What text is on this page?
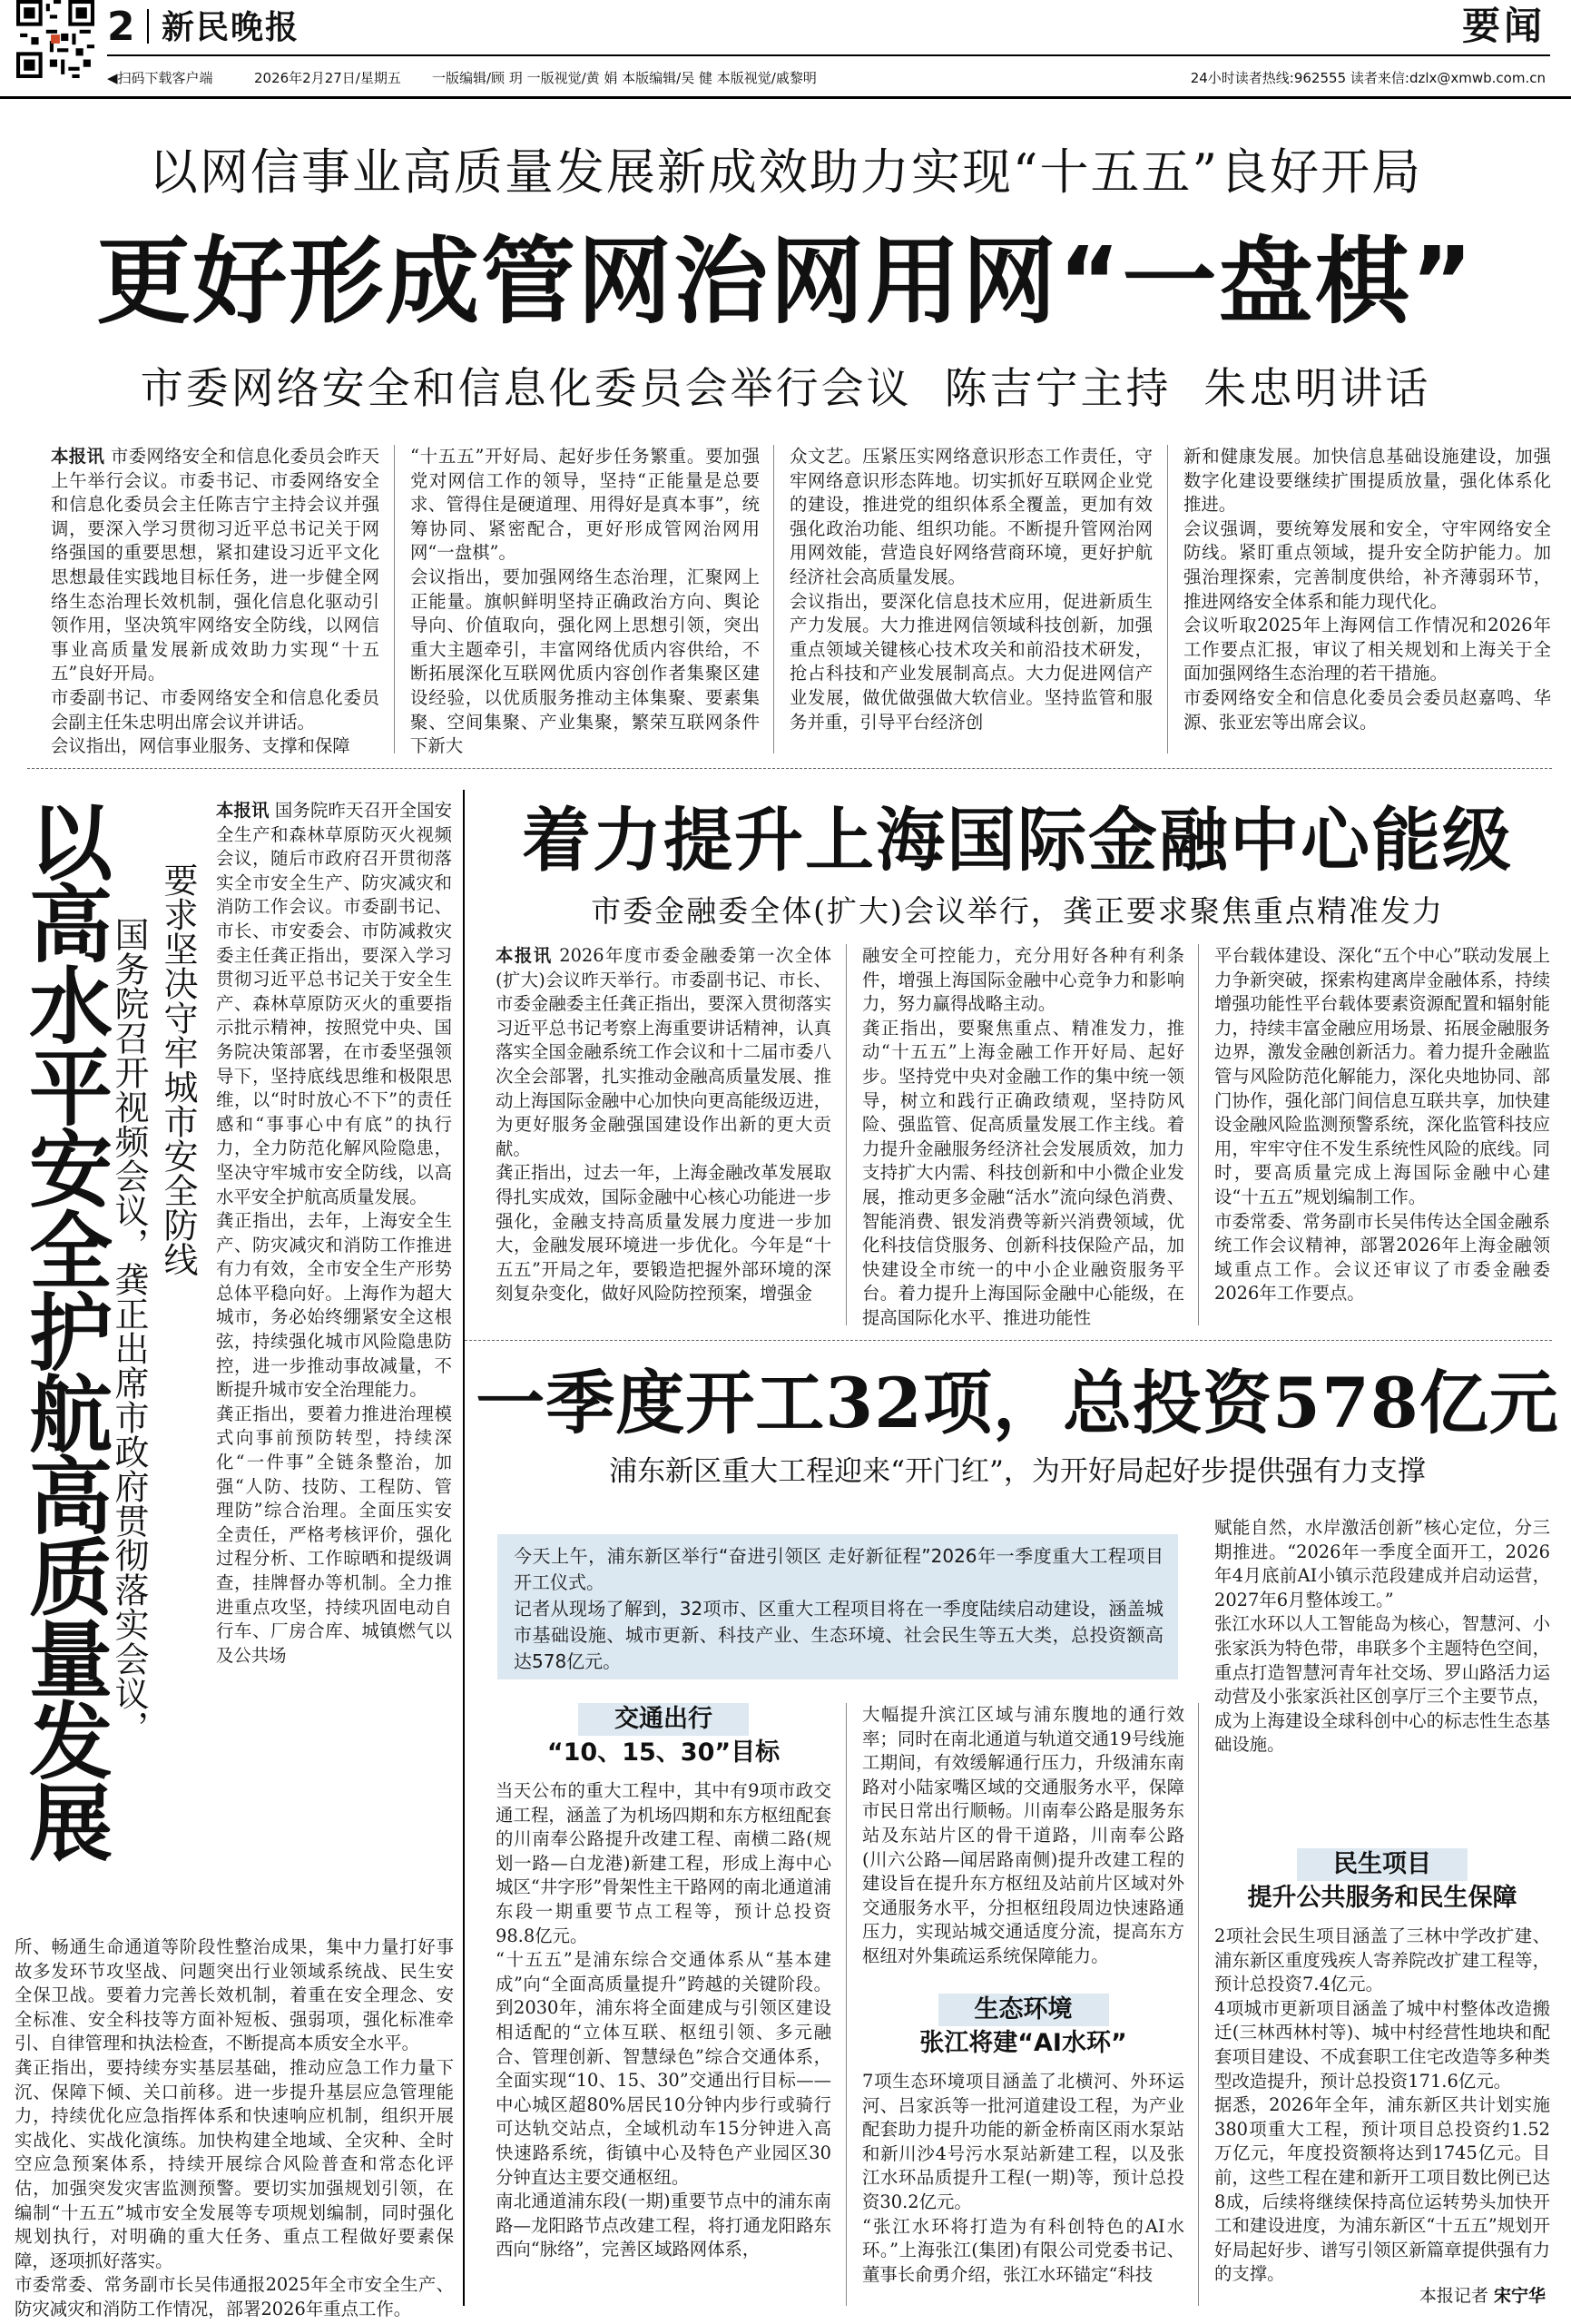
2 新民晚报	要闻
◀扫码下载客户端	2026年2月27日/星期五 一版编辑/顾 玥 一版视觉/黄 娟 本版编辑/吴 健 本版视觉/戚黎明	24小时读者热线:962555 读者来信:dzlx@xmwb.com.cn
以网信事业高质量发展新成效助力实现“十五五”良好开局
更好形成管网治网用网“一盘棋”
市委网络安全和信息化委员会举行会议  陈吉宁主持  朱忠明讲话

本报讯 市委网络安全和信息化委员会昨天上午举行会议。市委书记、市委网络安全和信息化委员会主任陈吉宁主持会议并强调，要深入学习贯彻习近平总书记关于网络强国的重要思想，紧扣建设习近平文化思想最佳实践地目标任务，进一步健全网络生态治理长效机制，强化信息化驱动引领作用，坚决筑牢网络安全防线，以网信事业高质量发展新成效助力实现“十五五”良好开局。
市委副书记、市委网络安全和信息化委员会副主任朱忠明出席会议并讲话。
会议指出，网信事业服务、支撑和保障

“十五五”开好局、起好步任务繁重。要加强党对网信工作的领导，坚持“正能量是总要求、管得住是硬道理、用得好是真本事”，统筹协同、紧密配合，更好形成管网治网用网“一盘棋”。
会议指出，要加强网络生态治理，汇聚网上正能量。旗帜鲜明坚持正确政治方向、舆论导向、价值取向，强化网上思想引领，突出重大主题牵引，丰富网络优质内容供给，不断拓展深化互联网优质内容创作者集聚区建设经验，以优质服务推动主体集聚、要素集聚、空间集聚、产业集聚，繁荣互联网条件下新大
众文艺。压紧压实网络意识形态工作责任，守牢网络意识形态阵地。切实抓好互联网企业党的建设，推进党的组织体系全覆盖，更加有效强化政治功能、组织功能。不断提升管网治网用网效能，营造良好网络营商环境，更好护航经济社会高质量发展。
会议指出，要深化信息技术应用，促进新质生产力发展。大力推进网信领域科技创新，加强重点领域关键核心技术攻关和前沿技术研发，抢占科技和产业发展制高点。大力促进网信产业发展，做优做强做大软信业。坚持监管和服务并重，引导平台经济创
新和健康发展。加快信息基础设施建设，加强数字化建设要继续扩围提质放量，强化体系化推进。
会议强调，要统筹发展和安全，守牢网络安全防线。紧盯重点领域，提升安全防护能力。加强治理探索，完善制度供给，补齐薄弱环节，推进网络安全体系和能力现代化。
会议听取2025年上海网信工作情况和2026年工作要点汇报，审议了相关规划和上海关于全面加强网络生态治理的若干措施。
市委网络安全和信息化委员会委员赵嘉鸣、华源、张亚宏等出席会议。
以高水平安全护航高质量发展 要求坚决守牢城市安全防线
国务院召开视频会议，龚正出席市政府贯彻落实会议，

本报讯 国务院昨天召开全国安全生产和森林草原防灭火视频会议，随后市政府召开贯彻落实全市安全生产、防灾减灾和消防工作会议。市委副书记、市长、市安委会、市防减救灾委主任龚正指出，要深入学习贯彻习近平总书记关于安全生产、森林草原防灭火的重要指示批示精神，按照党中央、国务院决策部署，在市委坚强领导下，坚持底线思维和极限思维，以“时时放心不下”的责任感和“事事心中有底”的执行力，全力防范化解风险隐患，坚决守牢城市安全防线，以高水平安全护航高质量发展。
龚正指出，去年，上海安全生产、防灾减灾和消防工作推进有力有效，全市安全生产形势总体平稳向好。上海作为超大城市，务必始终绷紧安全这根弦，持续强化城市风险隐患防控，进一步推动事故减量，不断提升城市安全治理能力。
龚正指出，要着力推进治理模式向事前预防转型，持续深化“一件事”全链条整治，加强“人防、技防、工程防、管理防”综合治理。全面压实安全责任，严格考核评价，强化过程分析、工作晾晒和提级调查，挂牌督办等机制。全力推进重点攻坚，持续巩固电动自行车、厂房合库、城镇燃气以及公共场

所、畅通生命通道等阶段性整治成果，集中力量打好事故多发环节攻坚战、问题突出行业领域系统战、民生安全保卫战。要着力完善长效机制，着重在安全理念、安全标准、安全科技等方面补短板、强弱项，强化标准牵引、自律管理和执法检查，不断提高本质安全水平。
龚正指出，要持续夯实基层基础，推动应急工作力量下沉、保障下倾、关口前移。进一步提升基层应急管理能力，持续优化应急指挥体系和快速响应机制，组织开展实战化、实战化演练。加快构建全地域、全灾种、全时空应急预案体系，持续开展综合风险普查和常态化评估，加强突发灾害监测预警。要切实加强规划引领，在编制“十五五”城市安全发展等专项规划编制，同时强化规划执行，对明确的重大任务、重点工程做好要素保障，逐项抓好落实。
市委常委、常务副市长吴伟通报2025年全市安全生产、防灾减灾和消防工作情况，部署2026年重点工作。
着力提升上海国际金融中心能级
市委金融委全体(扩大)会议举行，龚正要求聚焦重点精准发力

本报讯 2026年度市委金融委第一次全体(扩大)会议昨天举行。市委副书记、市长、市委金融委主任龚正指出，要深入贯彻落实习近平总书记考察上海重要讲话精神，认真落实全国金融系统工作会议和十二届市委八次全会部署，扎实推动金融高质量发展、推动上海国际金融中心加快向更高能级迈进，为更好服务金融强国建设作出新的更大贡献。
龚正指出，过去一年，上海金融改革发展取得扎实成效，国际金融中心核心功能进一步强化，金融支持高质量发展力度进一步加大，金融发展环境进一步优化。今年是“十五五”开局之年，要锻造把握外部环境的深刻复杂变化，做好风险防控预案，增强金

融安全可控能力，充分用好各种有利条件，增强上海国际金融中心竞争力和影响力，努力赢得战略主动。
龚正指出，要聚焦重点、精准发力，推动“十五五”上海金融工作开好局、起好步。坚持党中央对金融工作的集中统一领导，树立和践行正确政绩观，坚持防风险、强监管、促高质量发展工作主线。着力提升金融服务经济社会发展质效，加力支持扩大内需、科技创新和中小微企业发展，推动更多金融“活水”流向绿色消费、智能消费、银发消费等新兴消费领域，优化科技信贷服务、创新科技保险产品，加快建设全市统一的中小企业融资服务平台。着力提升上海国际金融中心能级，在提高国际化水平、推进功能性
平台载体建设、深化“五个中心”联动发展上力争新突破，探索构建离岸金融体系，持续增强功能性平台载体要素资源配置和辐射能力，持续丰富金融应用场景、拓展金融服务边界，激发金融创新活力。着力提升金融监管与风险防范化解能力，深化央地协同、部门协作，强化部门间信息互联共享，加快建设金融风险监测预警系统，深化监管科技应用，牢牢守住不发生系统性风险的底线。同时，要高质量完成上海国际金融中心建设“十五五”规划编制工作。
市委常委、常务副市长吴伟传达全国金融系统工作会议精神，部署2026年上海金融领域重点工作。会议还审议了市委金融委2026年工作要点。
一季度开工32项，总投资578亿元
浦东新区重大工程迎来“开门红”，为开好局起好步提供强有力支撑
今天上午，浦东新区举行“奋进引领区 走好新征程”2026年一季度重大工程项目开工仪式。
记者从现场了解到，32项市、区重大工程项目将在一季度陆续启动建设，涵盖城市基础设施、城市更新、科技产业、生态环境、社会民生等五大类，总投资额高达578亿元。
赋能自然，水岸激活创新”核心定位，分三期推进。“2026年一季度全面开工，2026年4月底前AI小镇示范段建成并启动运营，2027年6月整体竣工。”
张江水环以人工智能岛为核心，智慧河、小张家浜为特色带，串联多个主题特色空间，重点打造智慧河青年社交场、罗山路活力运动营及小张家浜社区创享厅三个主要节点，成为上海建设全球科创中心的标志性生态基础设施。
交通出行
“10、15、30”目标
当天公布的重大工程中，其中有9项市政交通工程，涵盖了为机场四期和东方枢纽配套的川南奉公路提升改建工程、南横二路(规划一路—白龙港)新建工程，形成上海中心城区“井字形”骨架性主干路网的南北通道浦东段一期重要节点工程等，预计总投资98.8亿元。
“十五五”是浦东综合交通体系从“基本建成”向“全面高质量提升”跨越的关键阶段。到2030年，浦东将全面建成与引领区建设相适配的“立体互联、枢纽引领、多元融合、管理创新、智慧绿色”综合交通体系，全面实现“10、15、30”交通出行目标——中心城区超80%居民10分钟内步行或骑行可达轨交站点，全域机动车15分钟进入高快速路系统，街镇中心及特色产业园区30分钟直达主要交通枢纽。
南北通道浦东段(一期)重要节点中的浦东南路—龙阳路节点改建工程，将打通龙阳路东西向“脉络”，完善区域路网体系，
大幅提升滨江区域与浦东腹地的通行效率；同时在南北通道与轨道交通19号线施工期间，有效缓解通行压力，升级浦东南路对小陆家嘴区域的交通服务水平，保障市民日常出行顺畅。川南奉公路是服务东站及东站片区的骨干道路，川南奉公路(川六公路—闻居路南侧)提升改建工程的建设旨在提升东方枢纽及站前片区域对外交通服务水平，分担枢纽段周边快速路通压力，实现站城交通适度分流，提高东方枢纽对外集疏运系统保障能力。
生态环境
张江将建“AI水环”
7项生态环境项目涵盖了北横河、外环运河、吕家浜等一批河道建设工程，为产业配套助力提升功能的新金桥南区雨水泵站和新川沙4号污水泵站新建工程，以及张江水环品质提升工程(一期)等，预计总投资30.2亿元。
“张江水环将打造为有科创特色的AI水环。”上海张江(集团)有限公司党委书记、董事长俞勇介绍，张江水环锚定“科技
民生项目
提升公共服务和民生保障
2项社会民生项目涵盖了三林中学改扩建、浦东新区重度残疾人寄养院改扩建工程等，预计总投资7.4亿元。
4项城市更新项目涵盖了城中村整体改造搬迁(三林西林村等)、城中村经营性地块和配套项目建设、不成套职工住宅改造等多种类型改造提升，预计总投资171.6亿元。
据悉，2026年全年，浦东新区共计划实施380项重大工程，预计项目总投资约1.52万亿元，年度投资额将达到1745亿元。目前，这些工程在建和新开工项目数比例已达8成，后续将继续保持高位运转势头加快开工和建设进度，为浦东新区“十五五”规划开好局起好步、谱写引领区新篇章提供强有力的支撑。
本报记者 宋宁华
